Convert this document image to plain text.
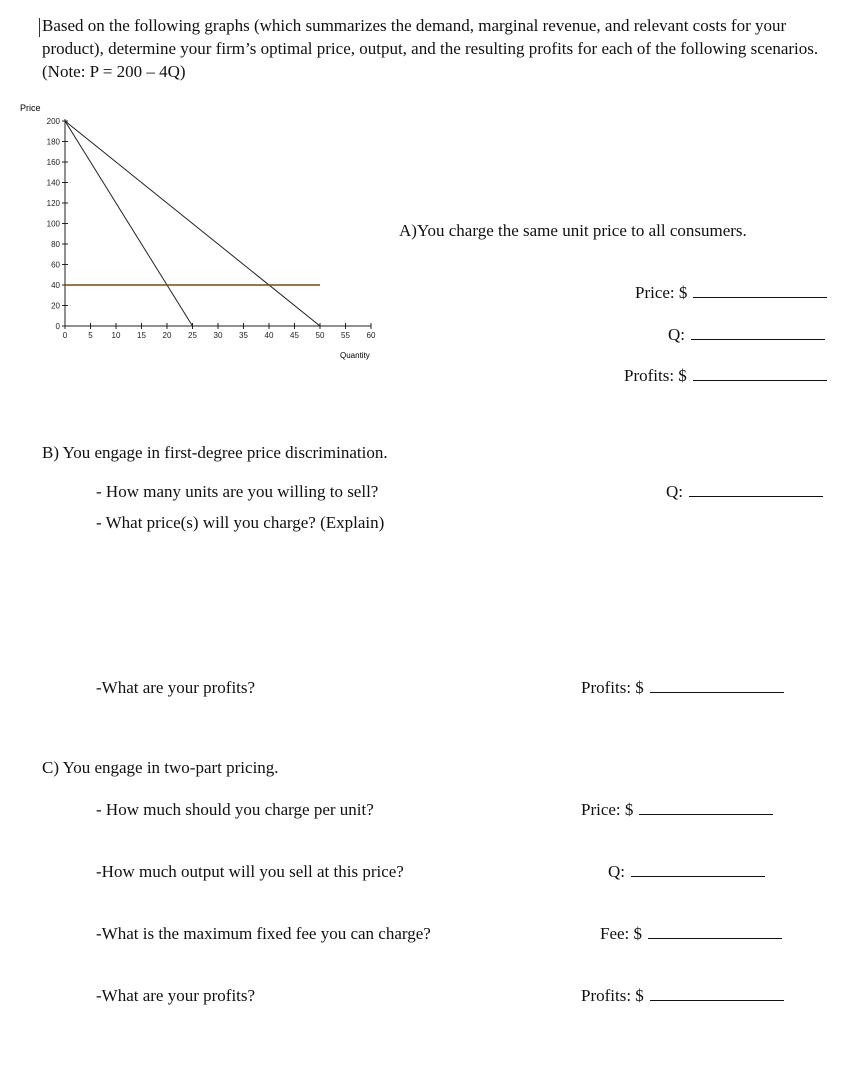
Based on the following graphs (which summarizes the demand, marginal revenue, and relevant costs for your product), determine your firm’s optimal price, output, and the resulting profits for each of the following scenarios. (Note: P = 200 – 4Q)
Price
Quantity
0
20
40
60
80
100
120
140
160
180
200
0	5 10 15 20 25 30 35 40 45 50 55 60
A)You charge the same unit price to all consumers.
Price: $
Q:
Profits: $
B) You engage in first-degree price discrimination.
- How many units are you willing to sell?
- What price(s) will you charge? (Explain)
Q:
-What are your profits?	Profits: $
C) You engage in two-part pricing.
- How much should you charge per unit?	Price: $
-How much output will you sell at this price?	Q:
-What is the maximum fixed fee you can charge?	Fee: $
-What are your profits?	Profits: $
